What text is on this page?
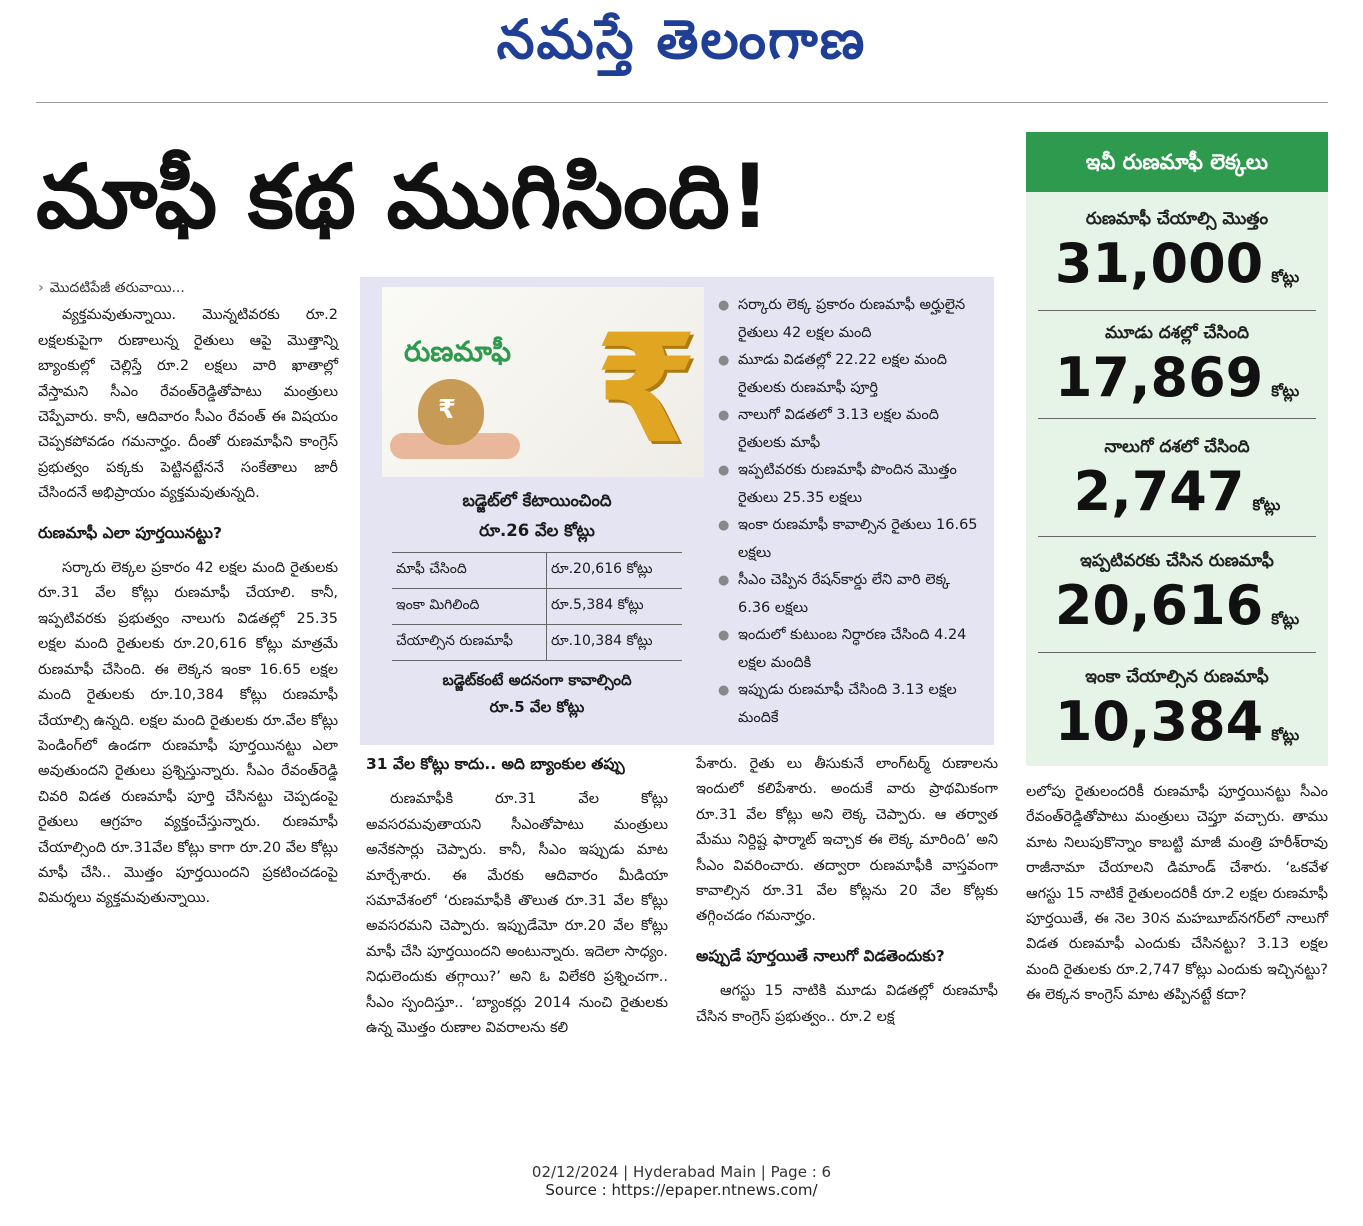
నమస్తే తెలంగాణ
మాఫీ కథ ముగిసింది!
› మొదటిపేజీ తరువాయి...

వ్యక్తమవుతున్నాయి. మొన్నటివరకు రూ.2 లక్షలకుపైగా రుణాలున్న రైతులు ఆపై మొత్తాన్ని బ్యాంకుల్లో చెల్లిస్తే రూ.2 లక్షలు వారి ఖాతాల్లో వేస్తామని సీఎం రేవంత్‌రెడ్డితోపాటు మంత్రులు చెప్పేవారు. కానీ, ఆదివారం సీఎం రేవంత్ ఈ విషయం చెప్పకపోవడం గమనార్హం. దీంతో రుణమాఫీని కాంగ్రెస్ ప్రభుత్వం పక్కకు పెట్టినట్టేననే సంకేతాలు జారీ చేసిందనే అభిప్రాయం వ్యక్తమవుతున్నది.

రుణమాఫీ ఎలా పూర్తయినట్టు?

సర్కారు లెక్కల ప్రకారం 42 లక్షల మంది రైతులకు రూ.31 వేల కోట్లు రుణమాఫీ చేయాలి. కానీ, ఇప్పటివరకు ప్రభుత్వం నాలుగు విడతల్లో 25.35 లక్షల మంది రైతులకు రూ.20,616 కోట్లు మాత్రమే రుణమాఫీ చేసింది. ఈ లెక్కన ఇంకా 16.65 లక్షల మంది రైతులకు రూ.10,384 కోట్లు రుణమాఫీ చేయాల్సి ఉన్నది. లక్షల మంది రైతులకు రూ.వేల కోట్లు పెండింగ్‌లో ఉండగా రుణమాఫీ పూర్తయినట్టు ఎలా అవుతుందని రైతులు ప్రశ్నిస్తున్నారు. సీఎం రేవంత్‌రెడ్డి చివరి విడత రుణమాఫీ పూర్తి చేసినట్టు చెప్పడంపై రైతులు ఆగ్రహం వ్యక్తంచేస్తున్నారు. రుణమాఫీ చేయాల్సింది రూ.31వేల కోట్లు కాగా రూ.20 వేల కోట్లు మాఫీ చేసి.. మొత్తం పూర్తయిందని ప్రకటించడంపై విమర్శలు వ్యక్తమవుతున్నాయి.

₹
రుణమాఫీ ₹
బడ్జెట్‌లో కేటాయించింది
రూ.26 వేల కోట్లు
మాఫీ చేసింది	రూ.20,616 కోట్లు
ఇంకా మిగిలింది	రూ.5,384 కోట్లు
చేయాల్సిన రుణమాఫీ	రూ.10,384 కోట్లు
బడ్జెట్‌కంటే అదనంగా కావాల్సింది
రూ.5 వేల కోట్లు
● సర్కారు లెక్క ప్రకారం రుణమాఫీ అర్హులైన రైతులు 42 లక్షల మంది
● మూడు విడతల్లో 22.22 లక్షల మంది రైతులకు రుణమాఫీ పూర్తి
● నాలుగో విడతలో 3.13 లక్షల మంది రైతులకు మాఫీ
● ఇప్పటివరకు రుణమాఫీ పొందిన మొత్తం రైతులు 25.35 లక్షలు
● ఇంకా రుణమాఫీ కావాల్సిన రైతులు 16.65 లక్షలు
● సీఎం చెప్పిన రేషన్‌కార్డు లేని వారి లెక్క 6.36 లక్షలు
● ఇందులో కుటుంబ నిర్ధారణ చేసింది 4.24 లక్షల మందికి
● ఇప్పుడు రుణమాఫీ చేసింది 3.13 లక్షల మందికే
31 వేల కోట్లు కాదు.. అది బ్యాంకుల తప్పు

రుణమాఫీకి రూ.31 వేల కోట్లు అవసరమవుతాయని సీఎంతోపాటు మంత్రులు అనేకసార్లు చెప్పారు. కానీ, సీఎం ఇప్పుడు మాట మార్చేశారు. ఈ మేరకు ఆదివారం మీడియా సమావేశంలో ‘రుణమాఫీకి తొలుత రూ.31 వేల కోట్లు అవసరమని చెప్పారు. ఇప్పుడేమో రూ.20 వేల కోట్లు మాఫీ చేసి పూర్తయిందని అంటున్నారు. ఇదెలా సాధ్యం. నిధులెందుకు తగ్గాయి?’ అని ఓ విలేకరి ప్రశ్నించగా.. సీఎం స్పందిస్తూ.. ‘బ్యాంకర్లు 2014 నుంచి రైతులకు ఉన్న మొత్తం రుణాల వివరాలను కలి

పేశారు. రైతు లు తీసుకునే లాంగ్‌టర్మ్ రుణాలను ఇందులో కలిపేశారు. అందుకే వారు ప్రాథమికంగా రూ.31 వేల కోట్లు అని లెక్క చెప్పారు. ఆ తర్వాత మేము నిర్దిష్ట ఫార్మాట్ ఇచ్చాక ఈ లెక్క మారింది’ అని సీఎం వివరించారు. తద్వారా రుణమాఫీకి వాస్తవంగా కావాల్సిన రూ.31 వేల కోట్లను 20 వేల కోట్లకు తగ్గించడం గమనార్హం.

అప్పుడే పూర్తయితే నాలుగో విడతెందుకు?

ఆగస్టు 15 నాటికి మూడు విడతల్లో రుణమాఫీ చేసిన కాంగ్రెస్ ప్రభుత్వం.. రూ.2 లక్ష

లలోపు రైతులందరికీ రుణమాఫీ పూర్తయినట్టు సీఎం రేవంత్‌రెడ్డితోపాటు మంత్రులు చెప్తూ వచ్చారు. తాము మాట నిలుపుకొన్నాం కాబట్టి మాజీ మంత్రి హరీశ్‌రావు రాజీనామా చేయాలని డిమాండ్ చేశారు. ‘ఒకవేళ ఆగస్టు 15 నాటికే రైతులందరికీ రూ.2 లక్షల రుణమాఫీ పూర్తయితే, ఈ నెల 30న మహబూబ్‌నగర్‌లో నాలుగో విడత రుణమాఫీ ఎందుకు చేసినట్టు? 3.13 లక్షల మంది రైతులకు రూ.2,747 కోట్లు ఎందుకు ఇచ్చినట్టు? ఈ లెక్కన కాంగ్రెస్ మాట తప్పినట్టే కదా?

ఇవీ రుణమాఫీ లెక్కలు
రుణమాఫీ చేయాల్సి మొత్తం
31,000 కోట్లు
మూడు దశల్లో చేసింది
17,869 కోట్లు
నాలుగో దశలో చేసింది
2,747 కోట్లు
ఇప్పటివరకు చేసిన రుణమాఫీ
20,616 కోట్లు
ఇంకా చేయాల్సిన రుణమాఫీ
10,384 కోట్లు
02/12/2024 | Hyderabad Main | Page : 6
Source : https://epaper.ntnews.com/
